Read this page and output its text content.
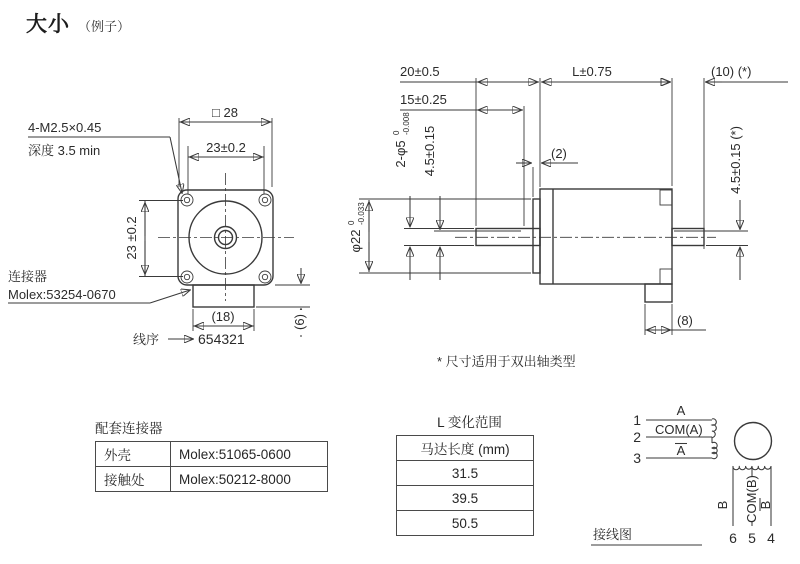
□ 28
23±0.2
23 ±0.2
4-M2.5×0.45
深度 3.5 min
连接器
Molex:53254-0670
(18)	(6)
线序	654321
20±0.5
15±0.25
L±0.75	(10) (*)
(2)
2-φ5
0 -0.008
4.5±0.15
φ22
0 -0.033
4.5±0.15 (*)
(8)
* 尺寸适用于双出轴类型
1
2
3
A
COM(A)
A
B COM(B) B
6 5 4
接线图
大小 （例子）
配套连接器
外壳	Molex:51065-0600
接触处	Molex:50212-8000
L 变化范围
马达长度 (mm)
31.5
39.5
50.5
